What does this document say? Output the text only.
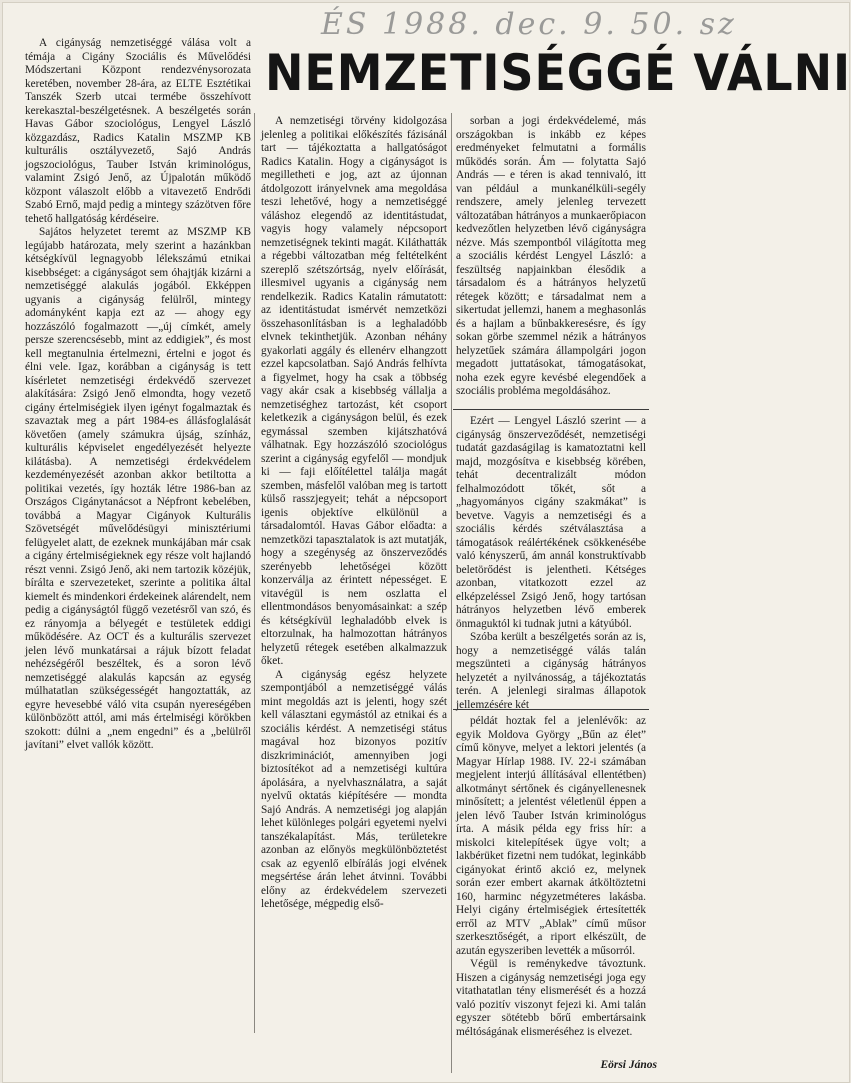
ÉS 1988. dec. 9. 50. sz
NEMZETISÉGGÉ VÁLNI

A cigányság nemzetiséggé válása volt a témája a Cigány Szociális és Művelődési Módszertani Központ rendezvénysorozata keretében, november 28-ára, az ELTE Esztétikai Tanszék Szerb utcai termébe összehívott kerekasztal-beszélgetésnek. A beszélgetés során Havas Gábor szociológus, Lengyel László közgazdász, Radics Katalin MSZMP KB kulturális osztályvezető, Sajó András jogszociológus, Tauber István kriminológus, valamint Zsigó Jenő, az Újpalotán működő központ válaszolt előbb a vitavezető Endrődi Szabó Ernő, majd pedig a mintegy százötven főre tehető hallgatóság kérdéseire.

Sajátos helyzetet teremt az MSZMP KB legújabb határozata, mely szerint a hazánkban kétségkívül legnagyobb lélekszámú etnikai kisebbséget: a cigányságot sem óhajtják kizárni a nemzetiséggé alakulás jogából. Ekképpen ugyanis a cigányság felülről, mintegy adományként kapja ezt az — ahogy egy hozzászóló fogalmazott —„új címkét, amely persze szerencsésebb, mint az eddigiek”, és most kell megtanulnia értelmezni, értelni e jogot és élni vele. Igaz, korábban a cigányság is tett kísérletet nemzetiségi érdekvédő szervezet alakítására: Zsigó Jenő elmondta, hogy vezető cigány értelmiségiek ilyen igényt fogalmaztak és szavaztak meg a párt 1984-es állásfoglalását követően (amely számukra újság, színház, kulturális képviselet engedélyezését helyezte kilátásba). A nemzetiségi érdekvédelem kezdeményezését azonban akkor betiltotta a politikai vezetés, így hozták létre 1986-ban az Országos Cigánytanácsot a Népfront kebelében, továbbá a Magyar Cigányok Kulturális Szövetségét művelődésügyi minisztériumi felügyelet alatt, de ezeknek munkájában már csak a cigány értelmiségieknek egy része volt hajlandó részt venni. Zsigó Jenő, aki nem tartozik közéjük, bírálta e szervezeteket, szerinte a politika által kiemelt és mindenkori érdekeinek alárendelt, nem pedig a cigányságtól függő vezetésről van szó, és ez rányomja a bélyegét e testületek eddigi működésére. Az OCT és a kulturális szervezet jelen lévő munkatársai a rájuk bízott feladat nehézségéről beszéltek, és a soron lévő nemzetiséggé alakulás kapcsán az egység múlhatatlan szükségességét hangoztatták, az egyre hevesebbé váló vita csupán nyereségében különbözött attól, ami más értelmiségi körökben szokott: dúlni a „nem engedni” és a „belülről javítani” elvet vallók között.

A nemzetiségi törvény kidolgozása jelenleg a politikai előkészítés fázisánál tart — tájékoztatta a hallgatóságot Radics Katalin. Hogy a cigányságot is megilletheti e jog, azt az újonnan átdolgozott irányelvnek ama megoldása teszi lehetővé, hogy a nemzetiséggé váláshoz elegendő az identitástudat, vagyis hogy valamely népcsoport nemzetiségnek tekinti magát. Kiláthatták a régebbi változatban még feltételként szereplő szétszórtság, nyelv előírását, illesmivel ugyanis a cigányság nem rendelkezik. Radics Katalin rámutatott: az identitástudat ismérvét nemzetközi összehasonlításban is a leghaladóbb elvnek tekinthetjük. Azonban néhány gyakorlati aggály és ellenérv elhangzott ezzel kapcsolatban. Sajó András felhívta a figyelmet, hogy ha csak a többség vagy akár csak a kisebbség vállalja a nemzetiséghez tartozást, két csoport keletkezik a cigányságon belül, és ezek egymással szemben kijátszhatóvá válhatnak. Egy hozzászóló szociológus szerint a cigányság egyfelől — mondjuk ki — faji előítélettel találja magát szemben, másfelől valóban meg is tartott külső rasszjegyeit; tehát a népcsoport igenis objektíve elkülönül a társadalomtól. Havas Gábor előadta: a nemzetközi tapasztalatok is azt mutatják, hogy a szegénység az önszerveződés szerényebb lehetőségei között konzerválja az érintett népességet. E vitavégül is nem oszlatta el ellentmondásos benyomásainkat: a szép és kétségkívül leghaladóbb elvek is eltorzulnak, ha halmozottan hátrányos helyzetű rétegek esetében alkalmazzuk őket.

A cigányság egész helyzete szempontjából a nemzetiséggé válás mint megoldás azt is jelenti, hogy szét kell választani egymástól az etnikai és a szociális kérdést. A nemzetiségi státus magával hoz bizonyos pozitív diszkriminációt, amennyiben jogi biztosítékot ad a nemzetiségi kultúra ápolására, a nyelvhasználatra, a saját nyelvű oktatás kiépítésére — mondta Sajó András. A nemzetiségi jog alapján lehet különleges polgári egyetemi nyelvi tanszékalapítást. Más, területekre azonban az előnyös megkülönböztetést csak az egyenlő elbírálás jogi elvének megsértése árán lehet átvinni. További előny az érdekvédelem szervezeti lehetősége, mégpedig első-

sorban a jogi érdekvédelemé, más országokban is inkább ez képes eredményeket felmutatni a formális működés során. Ám — folytatta Sajó András — e téren is akad tennivaló, itt van például a munkanélküli-segély rendszere, amely jelenleg tervezett változatában hátrányos a munkaerőpiacon kedvezőtlen helyzetben lévő cigányságra nézve. Más szempontból világította meg a szociális kérdést Lengyel László: a feszültség napjainkban élesődik a társadalom és a hátrányos helyzetű rétegek között; e társadalmat nem a sikertudat jellemzi, hanem a meghasonlás és a hajlam a bűnbakkeresésre, és így sokan görbe szemmel nézik a hátrányos helyzetűek számára állampolgári jogon megadott juttatásokat, támogatásokat, noha ezek egyre kevésbé elegendőek a szociális probléma megoldásához.

Ezért — Lengyel László szerint — a cigányság önszerveződését, nemzetiségi tudatát gazdaságilag is kamatoztatni kell majd, mozgósítva e kisebbség körében, tehát decentralizált módon felhalmozódott tőkét, sőt a „hagyományos cigány szakmákat” is bevetve. Vagyis a nemzetiségi és a szociális kérdés szétválasztása a támogatások reálértékének csökkenésébe való kényszerű, ám annál konstruktívabb beletörődést is jelentheti. Kétséges azonban, vitatkozott ezzel az elképzeléssel Zsigó Jenő, hogy tartósan hátrányos helyzetben lévő emberek önmaguktól ki tudnak jutni a kátyúból.

Szóba került a beszélgetés során az is, hogy a nemzetiséggé válás talán megszünteti a cigányság hátrányos helyzetét a nyilvánosság, a tájékoztatás terén. A jelenlegi siralmas állapotok jellemzésére két

példát hoztak fel a jelenlévők: az egyik Moldova György „Bűn az élet” című könyve, melyet a lektori jelentés (a Magyar Hírlap 1988. IV. 22-i számában megjelent interjú állításával ellentétben) alkotmányt sértőnek és cigányellenesnek minősített; a jelentést véletlenül éppen a jelen lévő Tauber István kriminológus írta. A másik példa egy friss hír: a miskolci kitelepítések ügye volt; a lakbérüket fizetni nem tudókat, leginkább cigányokat érintő akció ez, melynek során ezer embert akarnak átköltöztetni 160, harminc négyzetméteres lakásba. Helyi cigány értelmiségiek értesítették erről az MTV „Ablak” című műsor szerkesztőségét, a riport elkészült, de azután egyszeriben levették a műsorról.

Végül is reménykedve távoztunk. Hiszen a cigányság nemzetiségi joga egy vitathatatlan tény elismerését és a hozzá való pozitív viszonyt fejezi ki. Ami talán egyszer sötétebb bőrű embertársaink méltóságának elismeréséhez is elvezet.

Eörsi János
